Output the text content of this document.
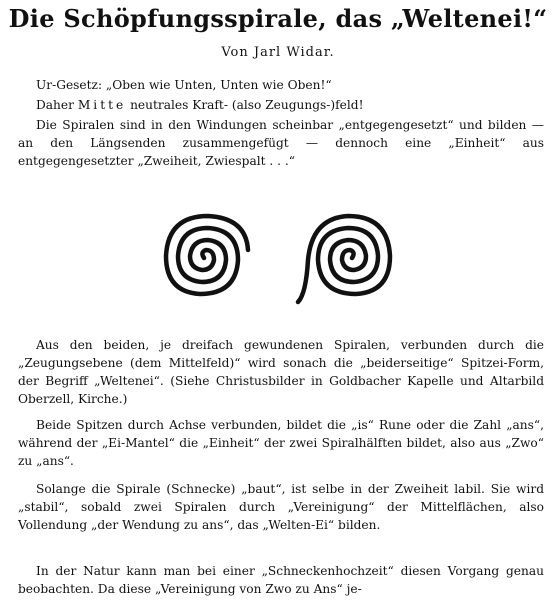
Die Schöpfungsspirale, das „Weltenei!“
Von Jarl Widar.

Ur-Gesetz: „Oben wie Unten, Unten wie Oben!“

Daher Mitte neutrales Kraft- (also Zeugungs-)feld!

Die Spiralen sind in den Windungen scheinbar „entgegengesetzt“ und bilden — an den Längsenden zusammengefügt — dennoch eine „Einheit“ aus entgegengesetzter „Zweiheit, Zwiespalt . . .“

Aus den beiden, je dreifach gewundenen Spiralen, verbunden durch die „Zeugungsebene (dem Mittelfeld)“ wird sonach die „beiderseitige“ Spitzei-Form, der Begriff „Weltenei“. (Siehe Christusbilder in Goldbacher Kapelle und Altarbild Oberzell, Kirche.)

Beide Spitzen durch Achse verbunden, bildet die „is“ Rune oder die Zahl „ans“, während der „Ei-Mantel“ die „Einheit“ der zwei Spiralhälften bildet, also aus „Zwo“ zu „ans“.

Solange die Spirale (Schnecke) „baut“, ist selbe in der Zweiheit labil. Sie wird „stabil“, sobald zwei Spiralen durch „Vereinigung“ der Mittelflächen, also Vollendung „der Wendung zu ans“, das „Welten-Ei“ bilden.

In der Natur kann man bei einer „Schneckenhochzeit“ diesen Vorgang genau beobachten. Da diese „Vereinigung von Zwo zu Ans“ je-
